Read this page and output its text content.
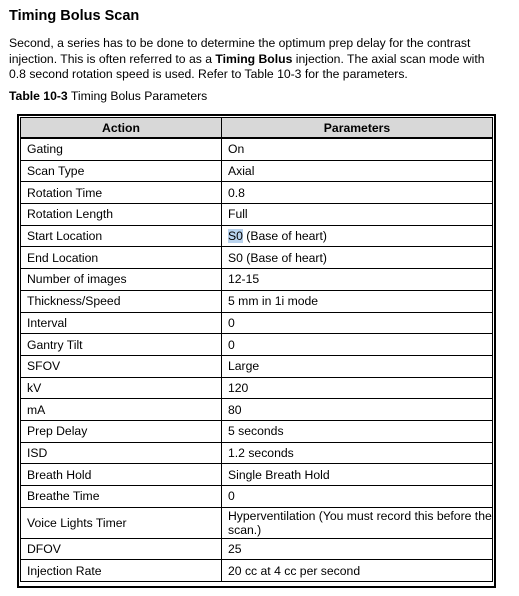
Timing Bolus Scan

Second, a series has to be done to determine the optimum prep delay for the contrast injection. This is often referred to as a Timing Bolus injection. The axial scan mode with 0.8 second rotation speed is used. Refer to Table 10-3 for the parameters.

Table 10-3 Timing Bolus Parameters

Action	Parameters
Gating	On
Scan Type	Axial
Rotation Time	0.8
Rotation Length	Full
Start Location	S0 (Base of heart)
End Location	S0 (Base of heart)
Number of images	12-15
Thickness/Speed	5 mm in 1i mode
Interval	0
Gantry Tilt	0
SFOV	Large
kV	120
mA	80
Prep Delay	5 seconds
ISD	1.2 seconds
Breath Hold	Single Breath Hold
Breathe Time	0
Voice Lights Timer	Hyperventilation (You must record this before the scan.)
DFOV	25
Injection Rate	20 cc at 4 cc per second
